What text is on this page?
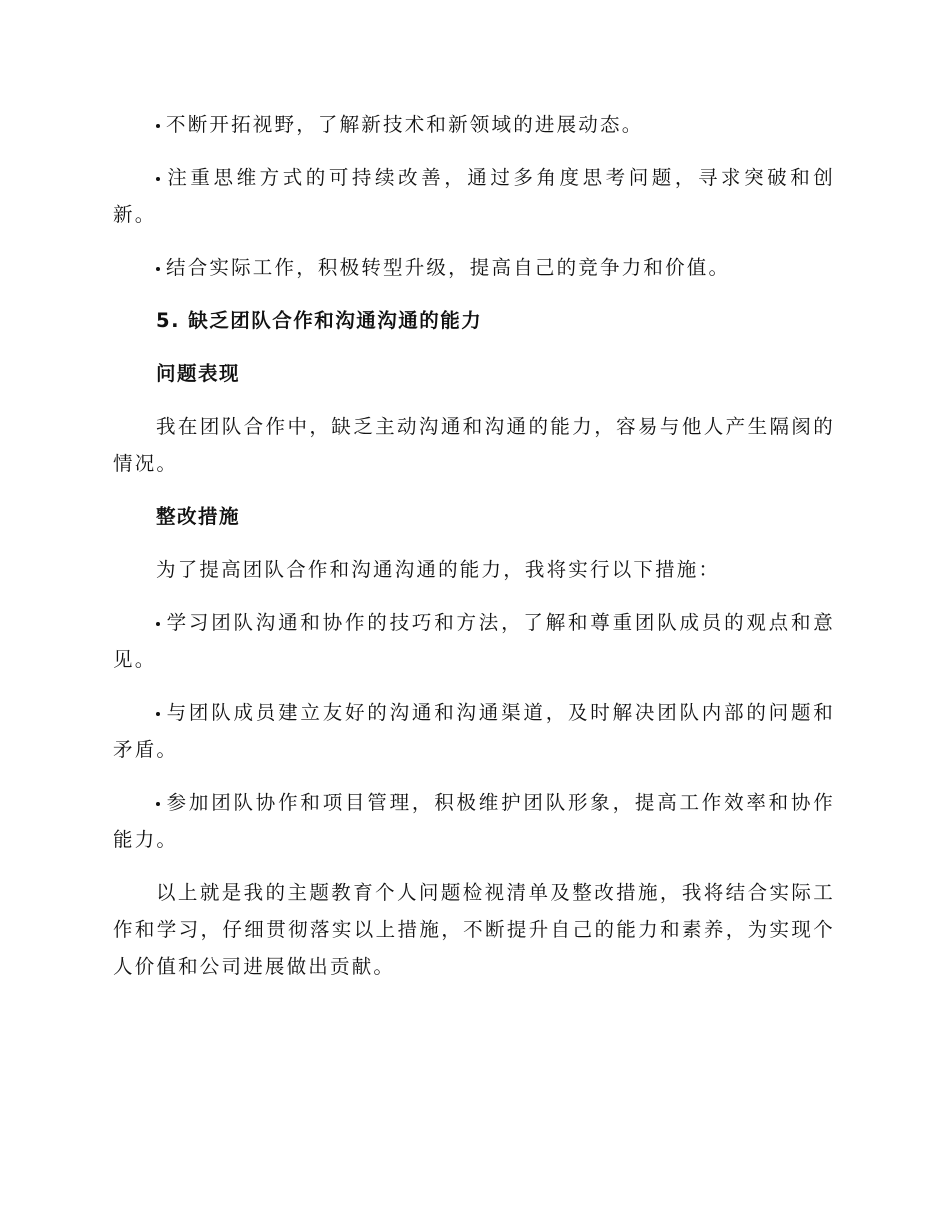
不断开拓视野，了解新技术和新领域的进展动态。

注重思维方式的可持续改善，通过多角度思考问题，寻求突破和创新。

结合实际工作，积极转型升级，提高自己的竞争力和价值。

5. 缺乏团队合作和沟通沟通的能力

问题表现

我在团队合作中，缺乏主动沟通和沟通的能力，容易与他人产生隔阂的情况。

整改措施

为了提高团队合作和沟通沟通的能力，我将实行以下措施：

学习团队沟通和协作的技巧和方法，了解和尊重团队成员的观点和意见。

与团队成员建立友好的沟通和沟通渠道，及时解决团队内部的问题和矛盾。

参加团队协作和项目管理，积极维护团队形象，提高工作效率和协作能力。

以上就是我的主题教育个人问题检视清单及整改措施，我将结合实际工作和学习，仔细贯彻落实以上措施，不断提升自己的能力和素养，为实现个人价值和公司进展做出贡献。
